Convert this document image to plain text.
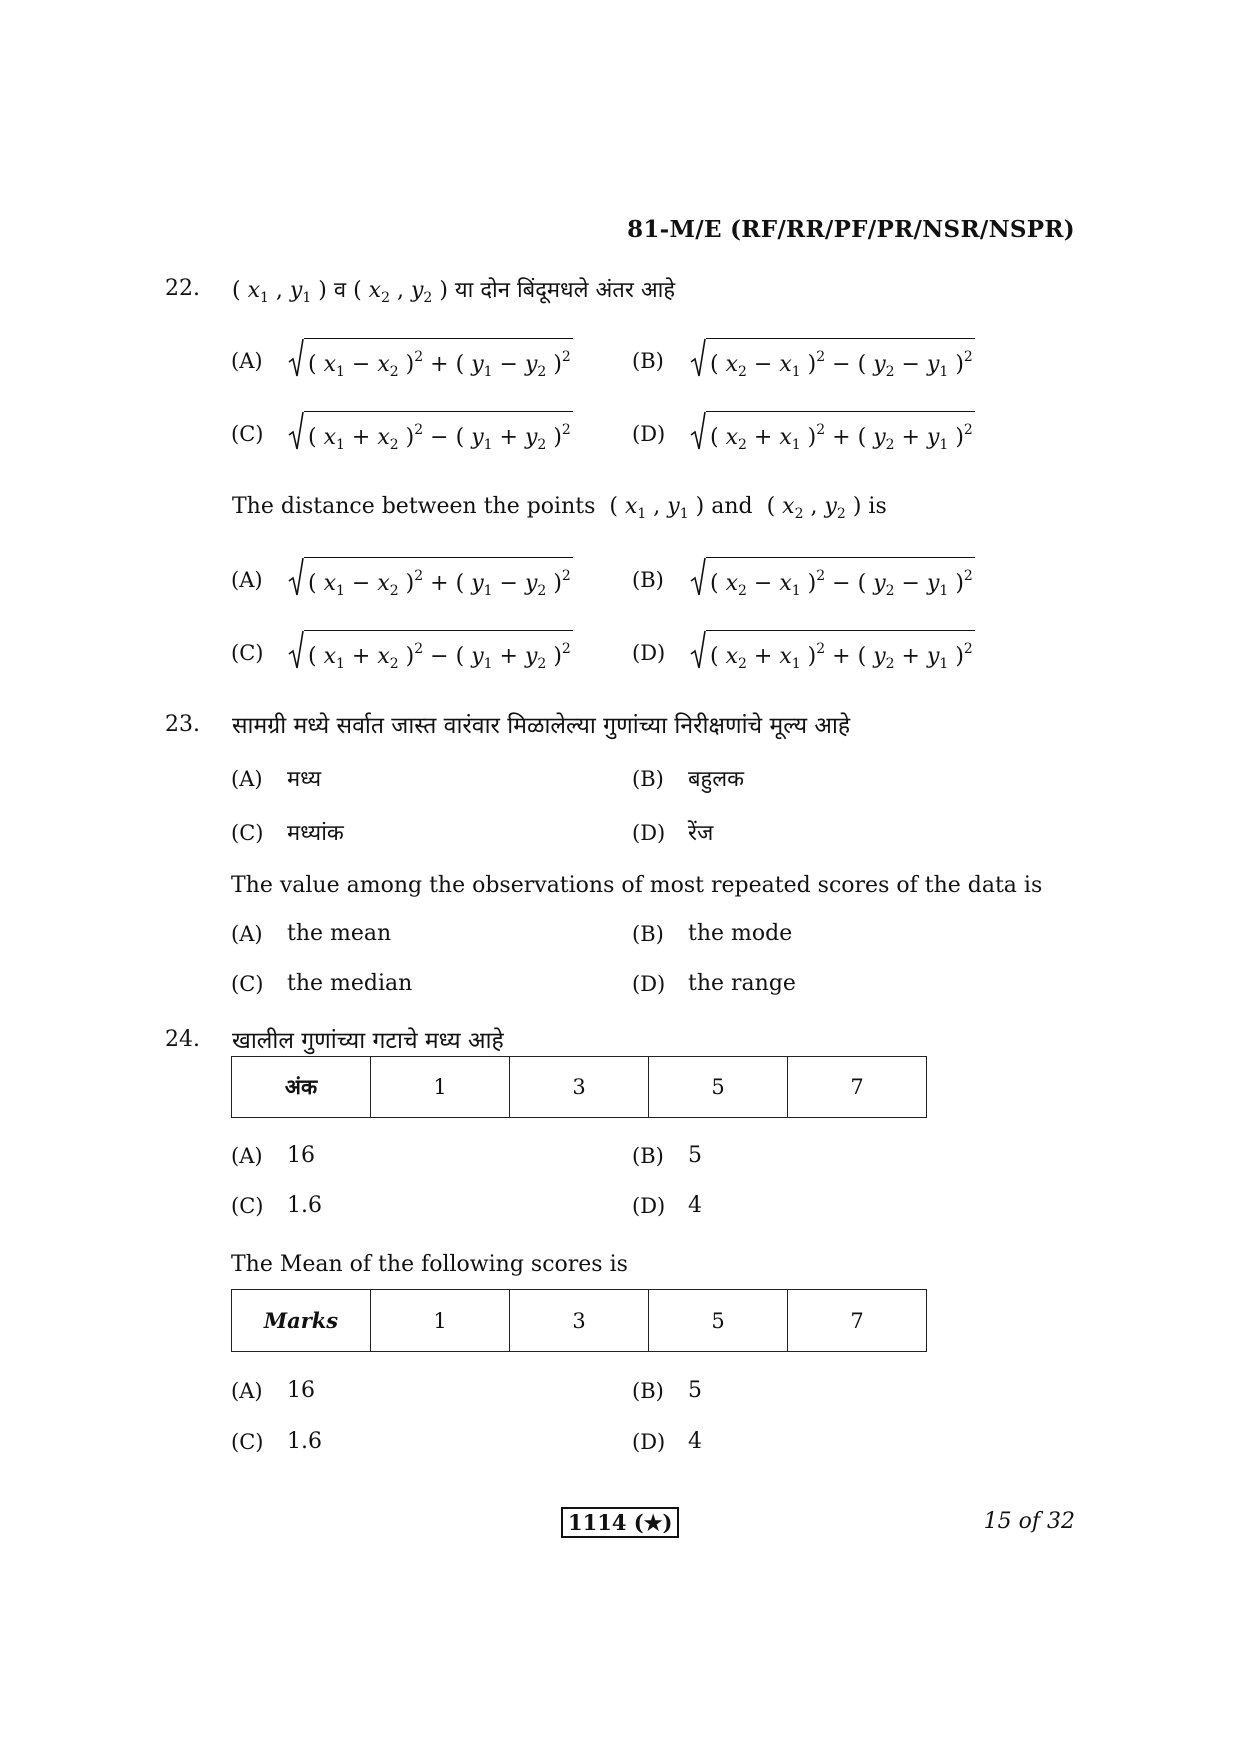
81-M/E (RF/RR/PF/PR/NSR/NSPR)
22. ( $x_1$ , $y_1$ ) व ( $x_2$ , $y_2$ ) या दोन बिंदूमधले अंतर आहे
(A) ( $x_1 - x_2$ )$^2$ + ( $y_1 - y_2$ )$^2$	(B) ( $x_2 - x_1$ )$^2$ − ( $y_2 - y_1$ )$^2$
(C) ( $x_1 + x_2$ )$^2$ − ( $y_1 + y_2$ )$^2$	(D) ( $x_2 + x_1$ )$^2$ + ( $y_2 + y_1$ )$^2$
The distance between the points  ( $x_1$ , $y_1$ ) and  ( $x_2$ , $y_2$ ) is
(A) ( $x_1 - x_2$ )$^2$ + ( $y_1 - y_2$ )$^2$	(B) ( $x_2 - x_1$ )$^2$ − ( $y_2 - y_1$ )$^2$
(C) ( $x_1 + x_2$ )$^2$ − ( $y_1 + y_2$ )$^2$	(D) ( $x_2 + x_1$ )$^2$ + ( $y_2 + y_1$ )$^2$
23. सामग्री मध्ये सर्वात जास्त वारंवार मिळालेल्या गुणांच्या निरीक्षणांचे मूल्य आहे
(A) मध्य	(B) बहुलक
(C) मध्यांक	(D) रेंज
The value among the observations of most repeated scores of the data is
(A) the mean	(B) the mode
(C) the median	(D) the range
24. खालील गुणांच्या गटाचे मध्य आहे
अंक	1	3	5	7
(A) 16	(B) 5
(C) 1.6	(D) 4
The Mean of the following scores is
Marks	1	3	5	7
(A) 16	(B) 5
(C) 1.6	(D) 4
1114 (★)	15 of 32
